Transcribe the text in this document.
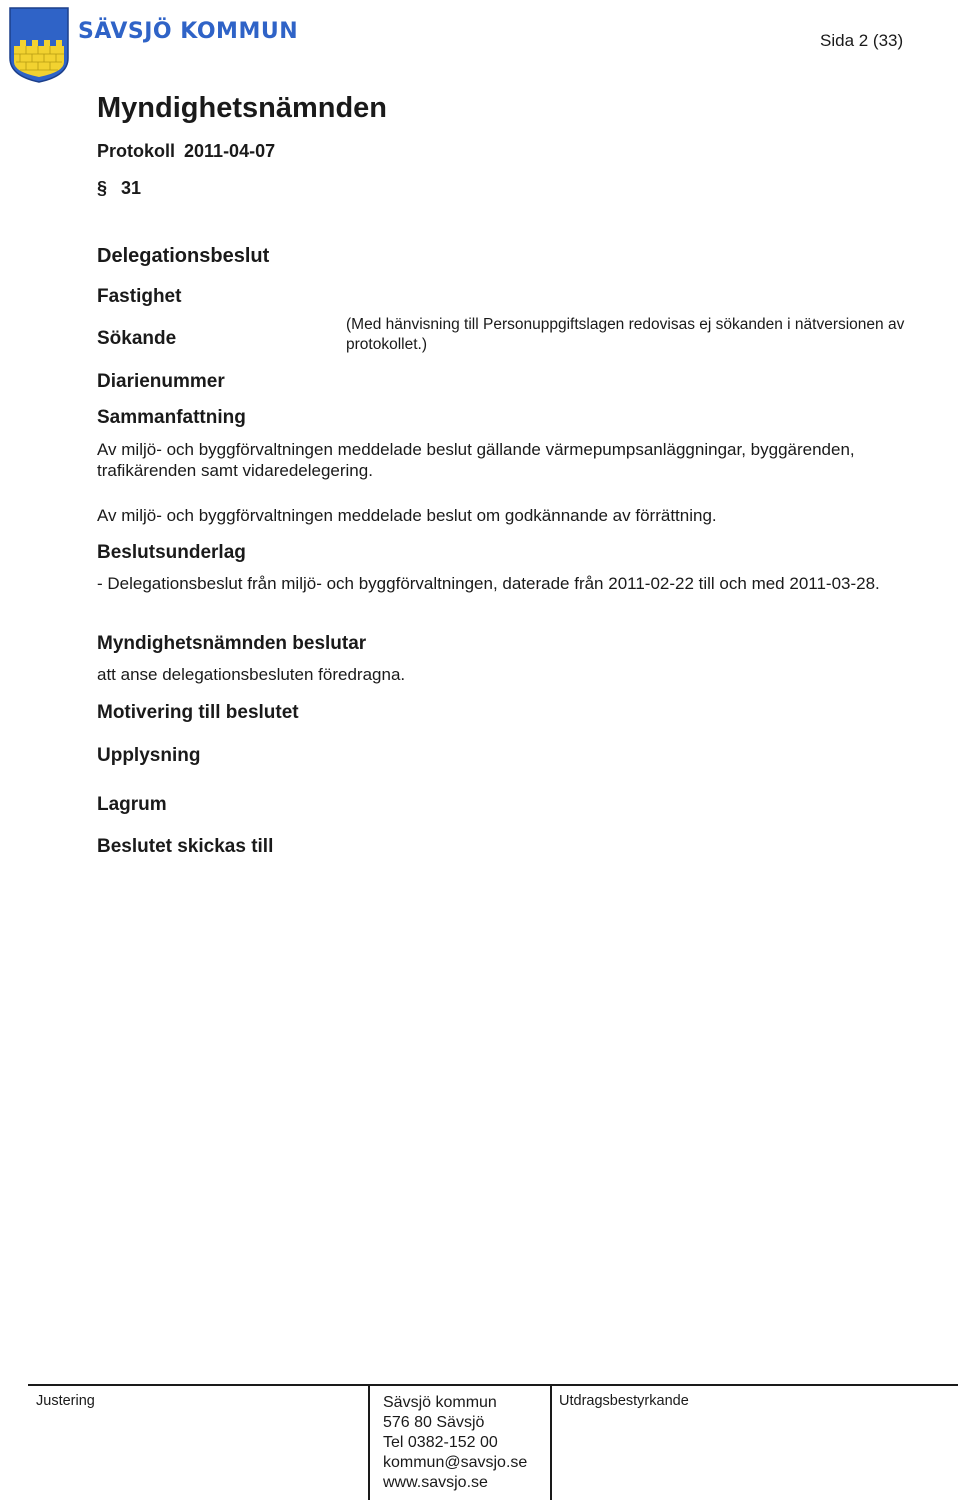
SÄVSJÖ KOMMUN	Sida 2 (33)
Myndighetsnämnden
Protokoll 2011-04-07
§ 31
Delegationsbeslut
Fastighet
Sökande
(Med hänvisning till Personuppgiftslagen redovisas ej sökanden i nätversionen av protokollet.)
Diarienummer
Sammanfattning
Av miljö- och byggförvaltningen meddelade beslut gällande värmepumpsanläggningar, byggärenden, trafikärenden samt vidaredelegering.
Av miljö- och byggförvaltningen meddelade beslut om godkännande av förrättning.
Beslutsunderlag
- Delegationsbeslut från miljö- och byggförvaltningen, daterade från 2011-02-22 till och med 2011-03-28.
Myndighetsnämnden beslutar
att anse delegationsbesluten föredragna.
Motivering till beslutet
Upplysning
Lagrum
Beslutet skickas till
Justering	Sävsjö kommun
576 80 Sävsjö
Tel 0382-152 00
kommun@savsjo.se
www.savsjo.se
Utdragsbestyrkande
